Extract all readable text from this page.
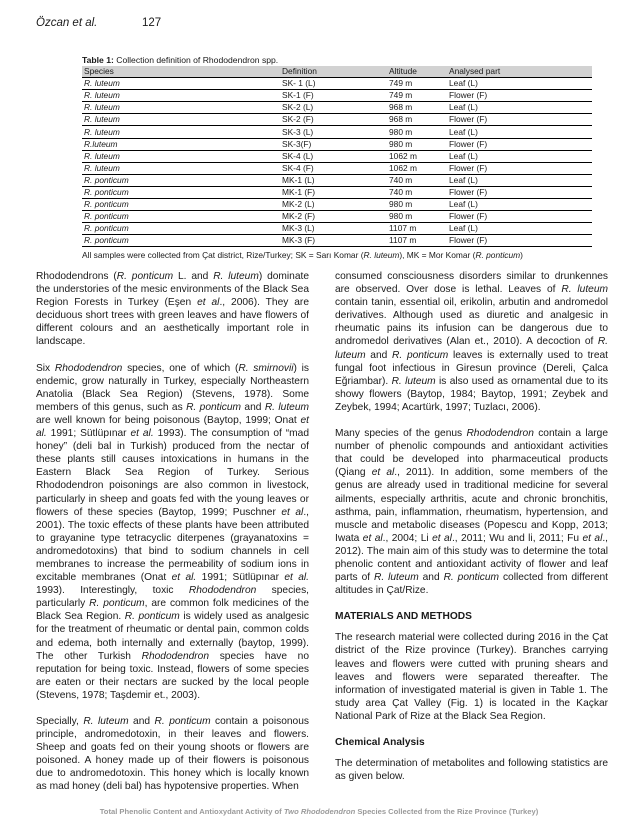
Özcan et al.	127
Table 1: Collection definition of Rhododendron spp.
Species	Definition	Altitude	Analysed part
R. luteum	SK- 1 (L)	749 m	Leaf (L)
R. luteum	SK-1 (F)	749 m	Flower (F)
R. luteum	SK-2 (L)	968 m	Leaf (L)
R. luteum	SK-2 (F)	968 m	Flower (F)
R. luteum	SK-3 (L)	980 m	Leaf (L)
R.luteum	SK-3(F)	980 m	Flower (F)
R. luteum	SK-4 (L)	1062 m	Leaf (L)
R. luteum	SK-4 (F)	1062 m	Flower (F)
R. ponticum	MK-1 (L)	740 m	Leaf (L)
R. ponticum	MK-1 (F)	740 m	Flower (F)
R. ponticum	MK-2 (L)	980 m	Leaf (L)
R. ponticum	MK-2 (F)	980 m	Flower (F)
R. ponticum	MK-3 (L)	1107 m	Leaf (L)
R. ponticum	MK-3 (F)	1107 m	Flower (F)
All samples were collected from Çat district, Rize/Turkey; SK = Sarı Komar (R. luteum), MK = Mor Komar (R. ponticum)

Rhododendrons (R. ponticum L. and R. luteum) dominate the understories of the mesic environments of the Black Sea Region Forests in Turkey (Eşen et al., 2006). They are deciduous short trees with green leaves and have flowers of different colours and an aesthetically important role in landscape.

Six Rhododendron species, one of which (R. smirnovii) is endemic, grow naturally in Turkey, especially Northeastern Anatolia (Black Sea Region) (Stevens, 1978). Some members of this genus, such as R. ponticum and R. luteum are well known for being poisonous (Baytop, 1999; Onat et al. 1991; Sütlüpınar et al. 1993). The consumption of “mad honey” (deli bal in Turkish) produced from the nectar of these plants still causes intoxications in humans in the Eastern Black Sea Region of Turkey. Serious Rhododendron poisonings are also common in livestock, particularly in sheep and goats fed with the young leaves or flowers of these species (Baytop, 1999; Puschner et al., 2001). The toxic effects of these plants have been attributed to grayanine type tetracyclic diterpenes (grayanatoxins = andromedotoxins) that bind to sodium channels in cell membranes to increase the permeability of sodium ions in excitable membranes (Onat et al. 1991; Sütlüpınar et al. 1993). Interestingly, toxic Rhododendron species, particularly R. ponticum, are common folk medicines of the Black Sea Region. R. ponticum is widely used as analgesic for the treatment of rheumatic or dental pain, common colds and edema, both internally and externally (baytop, 1999). The other Turkish Rhododendron species have no reputation for being toxic. Instead, flowers of some species are eaten or their nectars are sucked by the local people (Stevens, 1978; Taşdemir et., 2003).

Specially, R. luteum and R. ponticum contain a poisonous principle, andromedotoxin, in their leaves and flowers. Sheep and goats fed on their young shoots or flowers are poisoned. A honey made up of their flowers is poisonous due to andromedotoxin. This honey which is locally known as mad honey (deli bal) has hypotensive properties. When

consumed consciousness disorders similar to drunkennes are observed. Over dose is lethal. Leaves of R. luteum contain tanin, essential oil, erikolin, arbutin and andromedol derivatives. Although used as diuretic and analgesic in rheumatic pains its infusion can be dangerous due to andromedol derivatives (Alan et., 2010). A decoction of R. luteum and R. ponticum leaves is externally used to treat fungal foot infectious in Giresun province (Dereli, Çalca Eğriambar). R. luteum is also used as ornamental due to its showy flowers (Baytop, 1984; Baytop, 1991; Zeybek and Zeybek, 1994; Acartürk, 1997; Tuzlacı, 2006).

Many species of the genus Rhododendron contain a large number of phenolic compounds and antioxidant activities that could be developed into pharmaceutical products (Qiang et al., 2011). In addition, some members of the genus are already used in traditional medicine for several ailments, especially arthritis, acute and chronic bronchitis, asthma, pain, inflammation, rheumatism, hypertension, and muscle and metabolic diseases (Popescu and Kopp, 2013; Iwata et al., 2004; Li et al., 2011; Wu and li, 2011; Fu et al., 2012). The main aim of this study was to determine the total phenolic content and antioxidant activity of flower and leaf parts of R. luteum and R. ponticum collected from different altitudes in Çat/Rize.

MATERIALS AND METHODS

The research material were collected during 2016 in the Çat district of the Rize province (Turkey). Branches carrying leaves and flowers were cutted with pruning shears and leaves and flowers were separated thereafter. The information of investigated material is given in Table 1. The study area Çat Valley (Fig. 1) is located in the Kaçkar National Park of Rize at the Black Sea Region.

Chemical Analysis

The determination of metabolites and following statistics are as given below.

Total Phenolic Content and Antioxydant Activity of Two Rhododendron Species Collected from the Rize Province (Turkey)
